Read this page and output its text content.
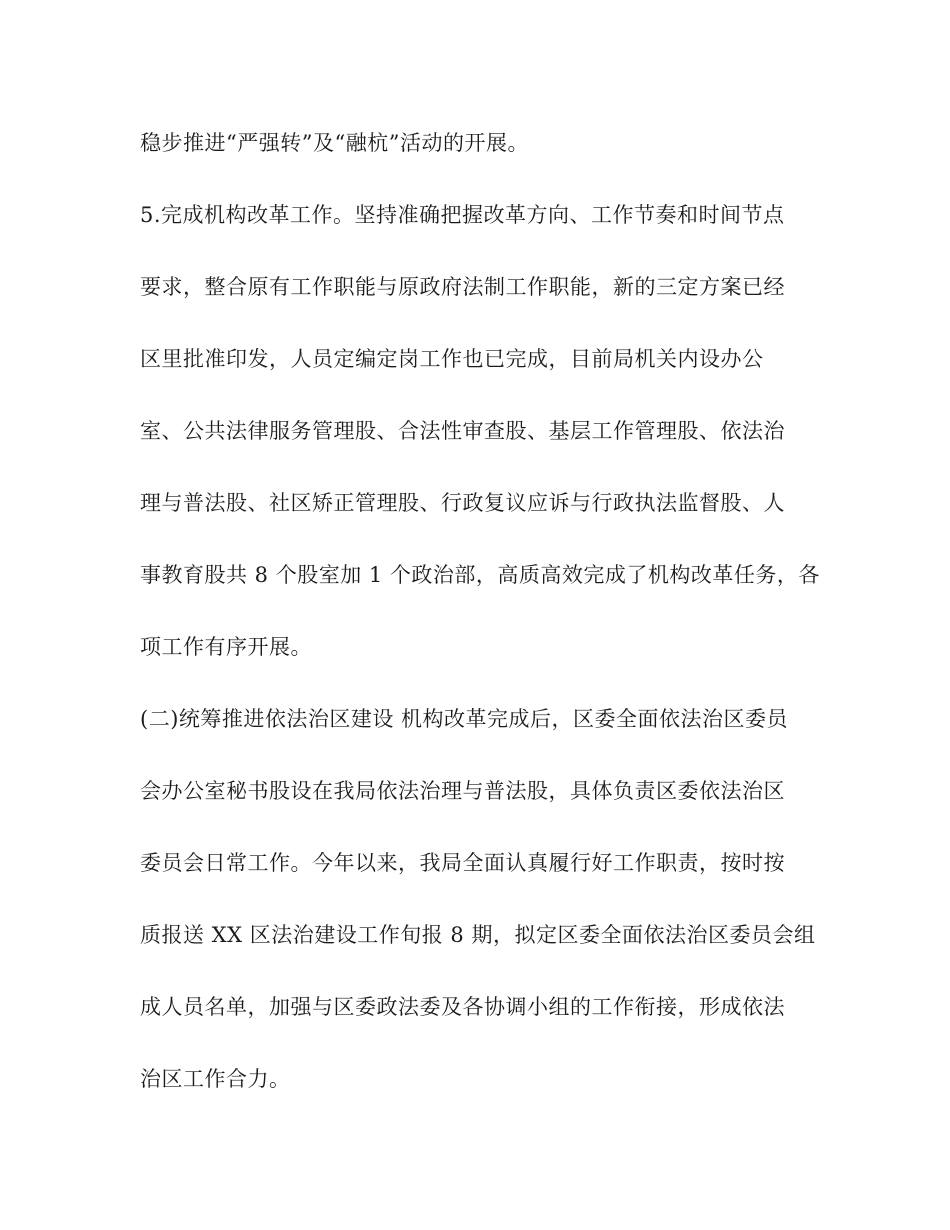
稳步推进“严强转”及“融杭”活动的开展。
5.完成机构改革工作。坚持准确把握改革方向、工作节奏和时间节点
要求，整合原有工作职能与原政府法制工作职能，新的三定方案已经
区里批准印发，人员定编定岗工作也已完成，目前局机关内设办公
室、公共法律服务管理股、合法性审查股、基层工作管理股、依法治
理与普法股、社区矫正管理股、行政复议应诉与行政执法监督股、人
事教育股共 8 个股室加 1 个政治部，高质高效完成了机构改革任务，各
项工作有序开展。
(二)统筹推进依法治区建设 机构改革完成后，区委全面依法治区委员
会办公室秘书股设在我局依法治理与普法股，具体负责区委依法治区
委员会日常工作。今年以来，我局全面认真履行好工作职责，按时按
质报送 XX 区法治建设工作旬报 8 期，拟定区委全面依法治区委员会组
成人员名单，加强与区委政法委及各协调小组的工作衔接，形成依法
治区工作合力。
